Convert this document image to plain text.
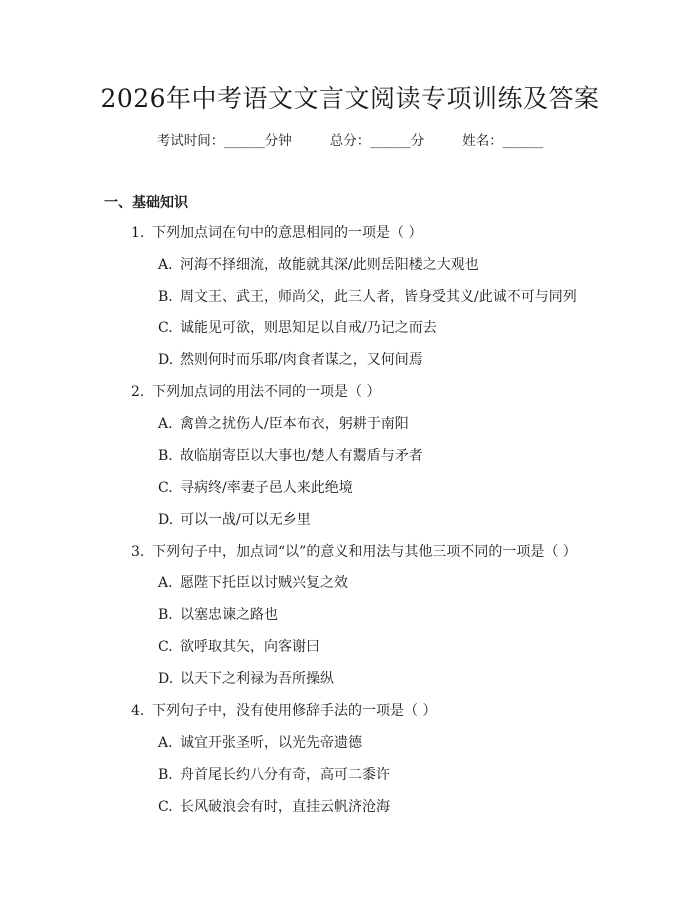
2026年中考语文文言文阅读专项训练及答案
考试时间：______分钟	总分：______分	姓名：______
一、基础知识
1. 下列加点词在句中的意思相同的一项是（ ）
A. 河海不择细流，故能就其深/此则岳阳楼之大观也
B. 周文王、武王，师尚父，此三人者，皆身受其义/此诚不可与同列
C. 诚能见可欲，则思知足以自戒/乃记之而去
D. 然则何时而乐耶/肉食者谋之，又何间焉
2. 下列加点词的用法不同的一项是（ ）
A. 禽兽之扰伤人/臣本布衣，躬耕于南阳
B. 故临崩寄臣以大事也/楚人有鬻盾与矛者
C. 寻病终/率妻子邑人来此绝境
D. 可以一战/可以无乡里
3. 下列句子中，加点词“以”的意义和用法与其他三项不同的一项是（ ）
A. 愿陛下托臣以讨贼兴复之效
B. 以塞忠谏之路也
C. 欲呼取其矢，向客谢曰
D. 以天下之利禄为吾所操纵
4. 下列句子中，没有使用修辞手法的一项是（ ）
A. 诚宜开张圣听，以光先帝遗德
B. 舟首尾长约八分有奇，高可二黍许
C. 长风破浪会有时，直挂云帆济沧海
